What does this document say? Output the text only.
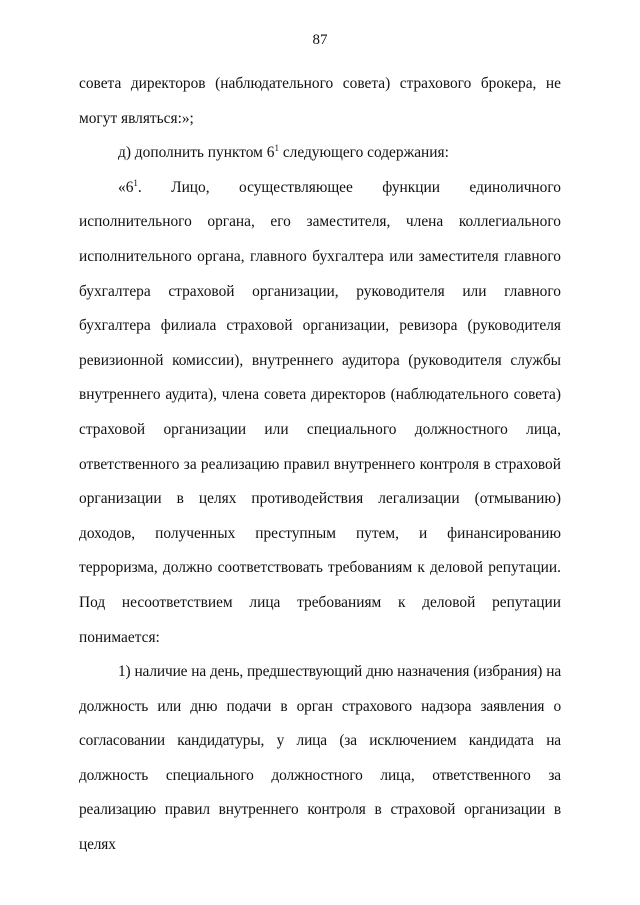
87

совета директоров (наблюдательного совета) страхового брокера, не могут являться:»;

д) дополнить пунктом $6^1$ следующего содержания:

«$6^1$. Лицо, осуществляющее функции единоличного исполнительного органа, его заместителя, члена коллегиального исполнительного органа, главного бухгалтера или заместителя главного бухгалтера страховой организации, руководителя или главного бухгалтера филиала страховой организации, ревизора (руководителя ревизионной комиссии), внутреннего аудитора (руководителя службы внутреннего аудита), члена совета директоров (наблюдательного совета) страховой организации или специального должностного лица, ответственного за реализацию правил внутреннего контроля в страховой организации в целях противодействия легализации (отмыванию) доходов, полученных преступным путем, и финансированию терроризма, должно соответствовать требованиям к деловой репутации. Под несоответствием лица требованиям к деловой репутации понимается:

1) наличие на день, предшествующий дню назначения (избрания) на должность или дню подачи в орган страхового надзора заявления о согласовании кандидатуры, у лица (за исключением кандидата на должность специального должностного лица, ответственного за реализацию правил внутреннего контроля в страховой организации в целях
